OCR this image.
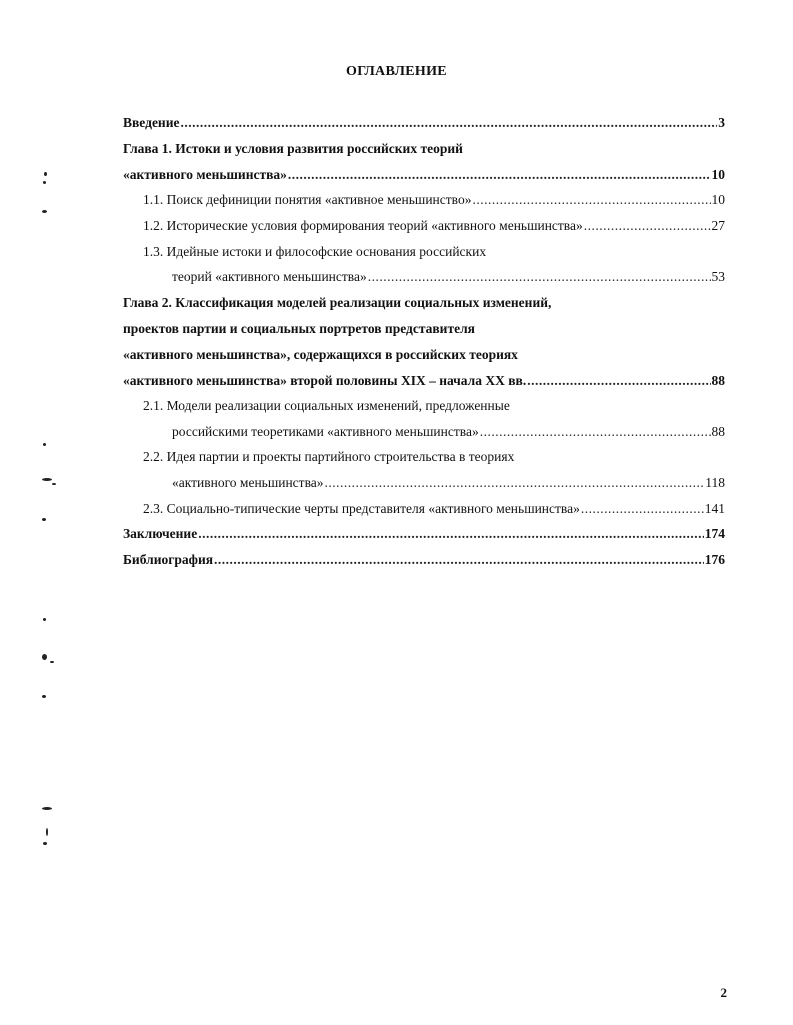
ОГЛАВЛЕНИЕ
Введение .....	3
Глава 1. Истоки и условия развития российских теорий
«активного меньшинства» .....	10
1.1. Поиск дефиниции понятия «активное меньшинство» .....	10
1.2. Исторические условия формирования теорий «активного меньшинства» .....	27
1.3. Идейные истоки и философские основания российских
теорий «активного меньшинства» .....	53
Глава 2. Классификация моделей реализации социальных изменений,
проектов партии и социальных портретов представителя
«активного меньшинства», содержащихся в российских теориях
«активного меньшинства» второй половины XIX – начала XX вв. .....	88
2.1. Модели реализации социальных изменений, предложенные
российскими теоретиками «активного меньшинства» .....	88
2.2. Идея партии и проекты партийного строительства в теориях
«активного меньшинства» .....	118
2.3. Социально-типические черты представителя «активного меньшинства» .....	141
Заключение .....	174
Библиография .....	176
2
